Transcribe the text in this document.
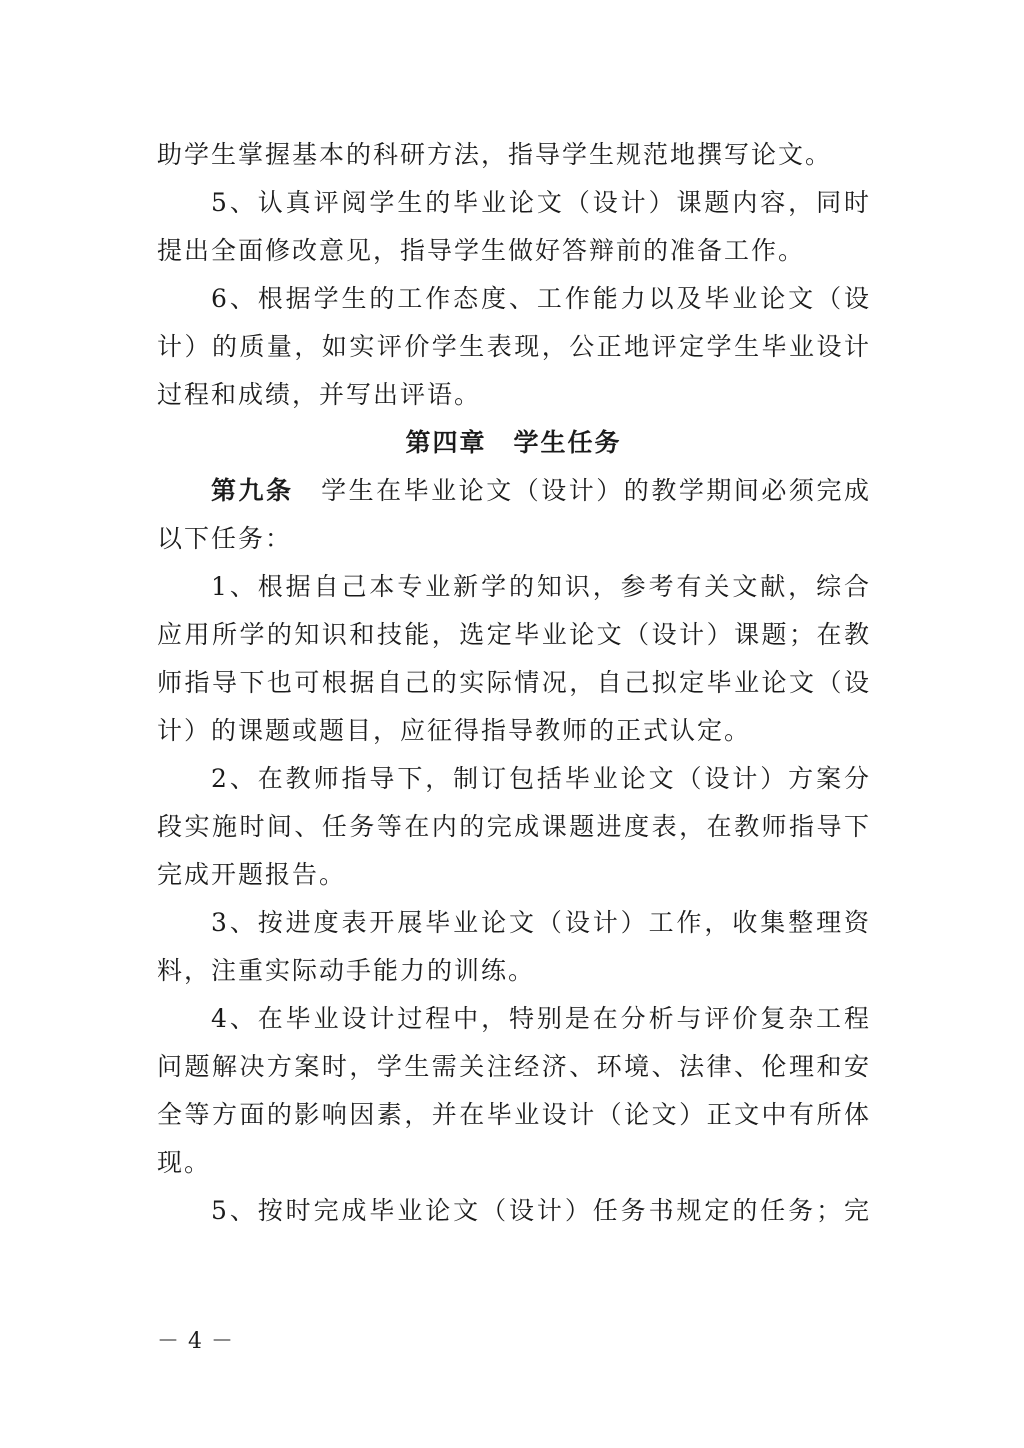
助学生掌握基本的科研方法，指导学生规范地撰写论文。
5、认真评阅学生的毕业论文（设计）课题内容，同时
提出全面修改意见，指导学生做好答辩前的准备工作。
6、根据学生的工作态度、工作能力以及毕业论文（设
计）的质量，如实评价学生表现，公正地评定学生毕业设计
过程和成绩，并写出评语。
第四章　学生任务
第九条　学生在毕业论文（设计）的教学期间必须完成
以下任务：
1、根据自己本专业新学的知识，参考有关文献，综合
应用所学的知识和技能，选定毕业论文（设计）课题；在教
师指导下也可根据自己的实际情况，自己拟定毕业论文（设
计）的课题或题目，应征得指导教师的正式认定。
2、在教师指导下，制订包括毕业论文（设计）方案分
段实施时间、任务等在内的完成课题进度表，在教师指导下
完成开题报告。
3、按进度表开展毕业论文（设计）工作，收集整理资
料，注重实际动手能力的训练。
4、在毕业设计过程中，特别是在分析与评价复杂工程
问题解决方案时，学生需关注经济、环境、法律、伦理和安
全等方面的影响因素，并在毕业设计（论文）正文中有所体
现。
5、按时完成毕业论文（设计）任务书规定的任务；完
－ 4 －
